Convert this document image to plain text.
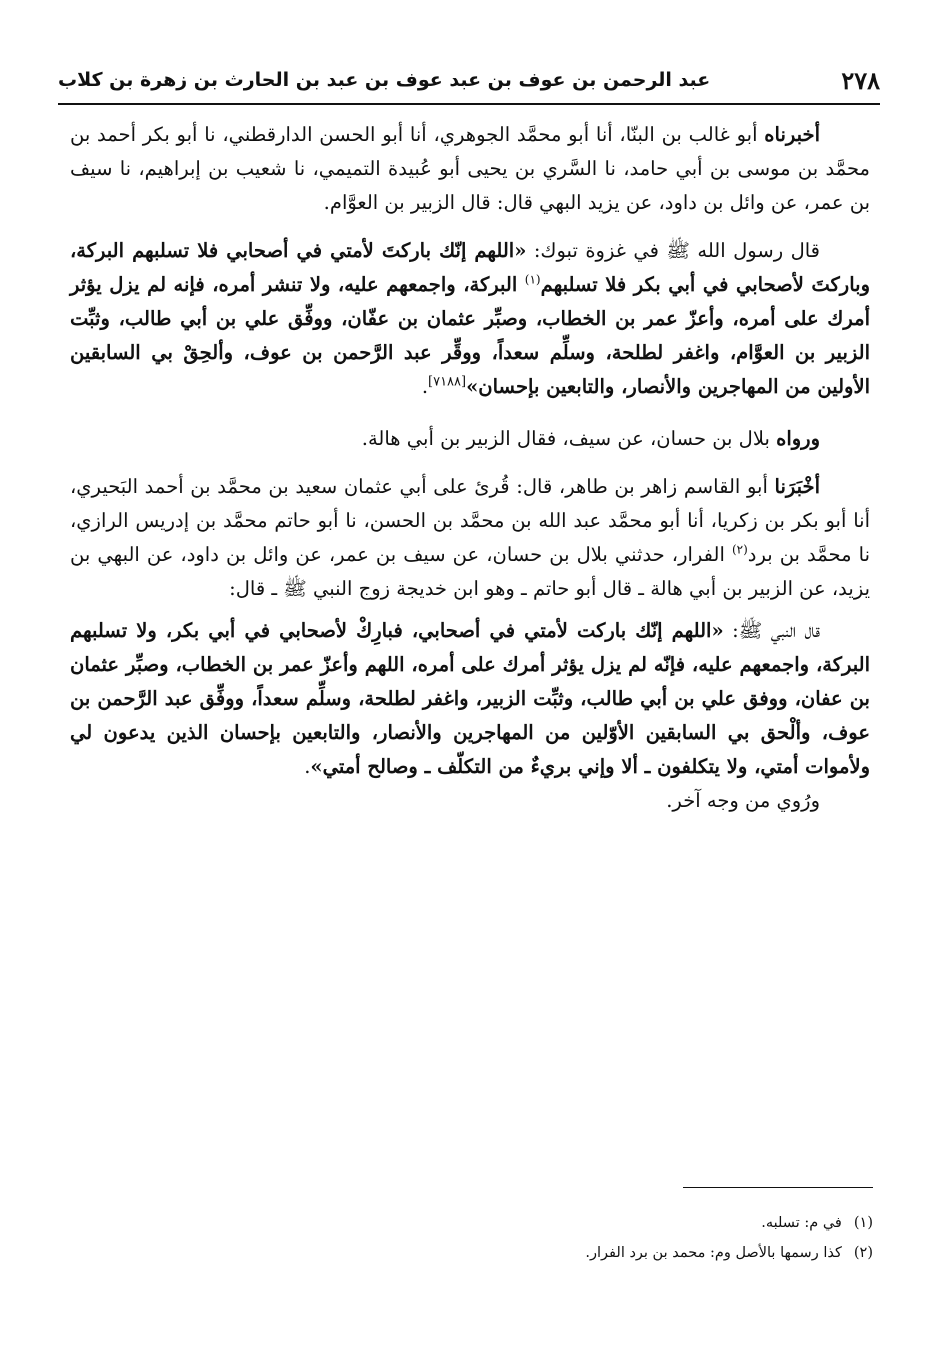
٢٧٨
عبد الرحمن بن عوف بن عبد عوف بن عبد بن الحارث بن زهرة بن كلاب

أخبرناه أبو غالب بن البنّا، أنا أبو محمَّد الجوهري، أنا أبو الحسن الدارقطني، نا أبو بكر أحمد بن محمَّد بن موسى بن أبي حامد، نا السَّري بن يحيى أبو عُبيدة التميمي، نا شعيب بن إبراهيم، نا سيف بن عمر، عن وائل بن داود، عن يزيد البهي قال: قال الزبير بن العوَّام.

قال رسول الله ﷺ في غزوة تبوك: «اللهم إنّك باركتَ لأمتي في أصحابي فلا تسلبهم البركة، وباركتَ لأصحابي في أبي بكر فلا تسلبهم$^{(١)}$ البركة، واجمعهم عليه، ولا تنشر أمره، فإنه لم يزل يؤثر أمرك على أمره، وأعزّ عمر بن الخطاب، وصبِّر عثمان بن عفّان، ووفِّق علي بن أبي طالب، وثبِّت الزبير بن العوَّام، واغفر لطلحة، وسلِّم سعداً، ووقِّر عبد الرَّحمن بن عوف، وألحِقْ بي السابقين الأولين من المهاجرين والأنصار، والتابعين بإحسان»[٧١٨٨].

ورواه بلال بن حسان، عن سيف، فقال الزبير بن أبي هالة.

أخْبَرَنا أبو القاسم زاهر بن طاهر، قال: قُرئ على أبي عثمان سعيد بن محمَّد بن أحمد البَحيري، أنا أبو بكر بن زكريا، أنا أبو محمَّد عبد الله بن محمَّد بن الحسن، نا أبو حاتم محمَّد بن إدريس الرازي، نا محمَّد بن برد$^{(٢)}$ الفرار، حدثني بلال بن حسان، عن سيف بن عمر، عن وائل بن داود، عن البهي بن يزيد، عن الزبير بن أبي هالة ـ قال أبو حاتم ـ وهو ابن خديجة زوج النبي ﷺ ـ قال:

قال النبي ﷺ: «اللهم إنّك باركت لأمتي في أصحابي، فبارِكْ لأصحابي في أبي بكر، ولا تسلبهم البركة، واجمعهم عليه، فإنّه لم يزل يؤثر أمرك على أمره، اللهم وأعزّ عمر بن الخطاب، وصبِّر عثمان بن عفان، ووفق علي بن أبي طالب، وثبِّت الزبير، واغفر لطلحة، وسلِّم سعداً، ووفِّق عبد الرَّحمن بن عوف، وألْحق بي السابقين الأوّلين من المهاجرين والأنصار، والتابعين بإحسان الذين يدعون لي ولأموات أمتي، ولا يتكلفون ـ ألا وإني بريءٌ من التكلّف ـ وصالح أمتي».

ورُوي من وجه آخر.

(١)
في م: تسلبه.
(٢)
كذا رسمها بالأصل وم: محمد بن برد الفرار.
